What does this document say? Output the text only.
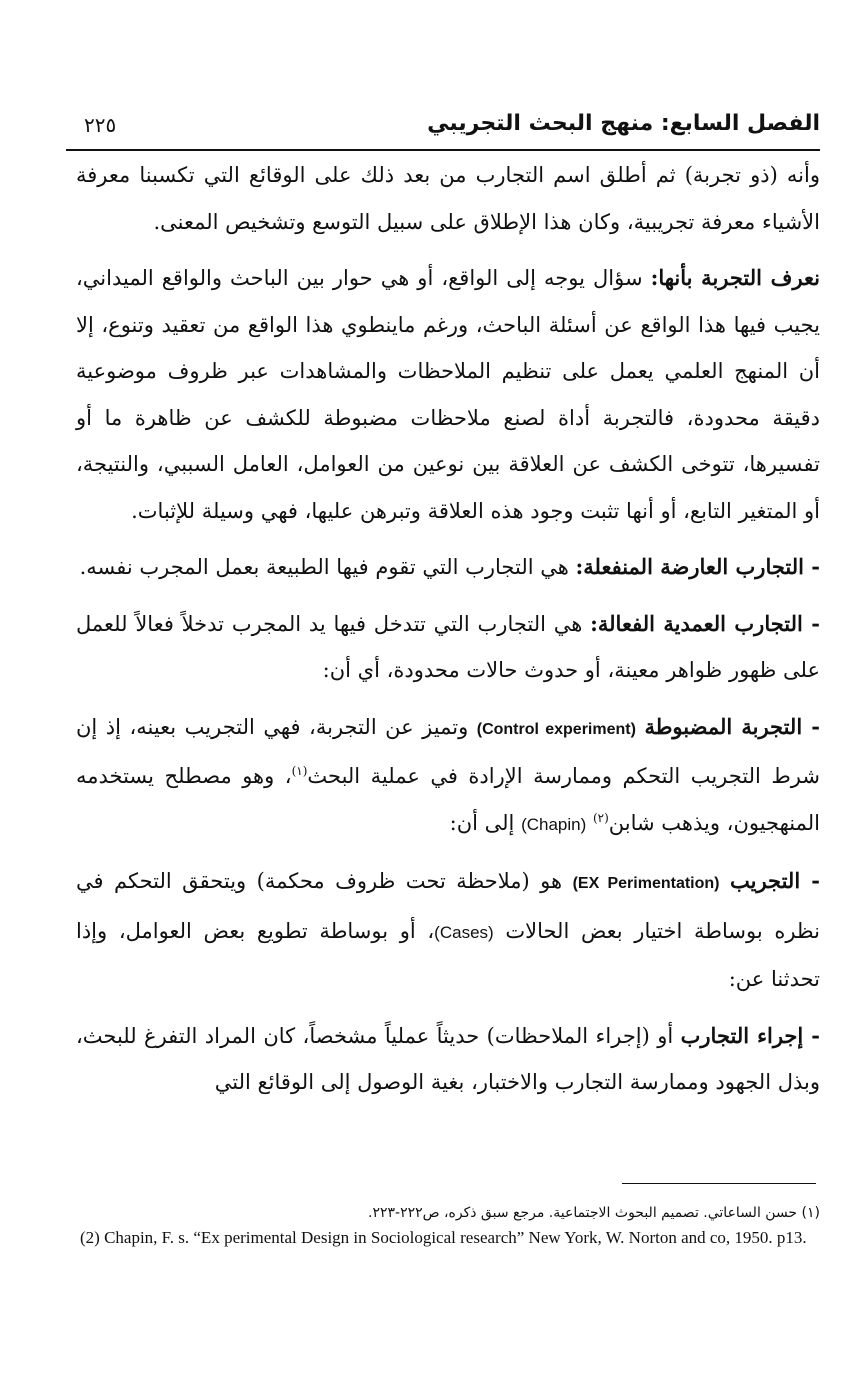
الفصل السابع: منهج البحث التجريبي
٢٢٥

وأنه (ذو تجربة) ثم أطلق اسم التجارب من بعد ذلك على الوقائع التي تكسبنا معرفة الأشياء معرفة تجريبية، وكان هذا الإطلاق على سبيل التوسع وتشخيص المعنى.

نعرف التجربة بأنها: سؤال يوجه إلى الواقع، أو هي حوار بين الباحث والواقع الميداني، يجيب فيها هذا الواقع عن أسئلة الباحث، ورغم ماينطوي هذا الواقع من تعقيد وتنوع، إلا أن المنهج العلمي يعمل على تنظيم الملاحظات والمشاهدات عبر ظروف موضوعية دقيقة محدودة، فالتجربة أداة لصنع ملاحظات مضبوطة للكشف عن ظاهرة ما أو تفسيرها، تتوخى الكشف عن العلاقة بين نوعين من العوامل، العامل السببي، والنتيجة، أو المتغير التابع، أو أنها تثبت وجود هذه العلاقة وتبرهن عليها، فهي وسيلة للإثبات.

- التجارب العارضة المنفعلة: هي التجارب التي تقوم فيها الطبيعة بعمل المجرب نفسه.

- التجارب العمدية الفعالة: هي التجارب التي تتدخل فيها يد المجرب تدخلاً فعالاً للعمل على ظهور ظواهر معينة، أو حدوث حالات محدودة، أي أن:

- التجربة المضبوطة (Control experiment) وتميز عن التجربة، فهي التجريب بعينه، إذ إن شرط التجريب التحكم وممارسة الإرادة في عملية البحث$^{(١)}$، وهو مصطلح يستخدمه المنهجيون، ويذهب شابن$^{(٢)}$ (Chapin) إلى أن:

- التجريب (EX Perimentation) هو (ملاحظة تحت ظروف محكمة) ويتحقق التحكم في نظره بوساطة اختيار بعض الحالات (Cases)، أو بوساطة تطويع بعض العوامل، وإذا تحدثنا عن:

- إجراء التجارب أو (إجراء الملاحظات) حديثاً عملياً مشخصاً، كان المراد التفرغ للبحث، وبذل الجهود وممارسة التجارب والاختبار، بغية الوصول إلى الوقائع التي

(١) حسن الساعاتي. تصميم البحوث الاجتماعية. مرجع سبق ذكره، ص٢٢٢-٢٢٣.
(2) Chapin, F. s. “Ex perimental Design in Sociological research” New York, W. Norton and co, 1950. p13.
